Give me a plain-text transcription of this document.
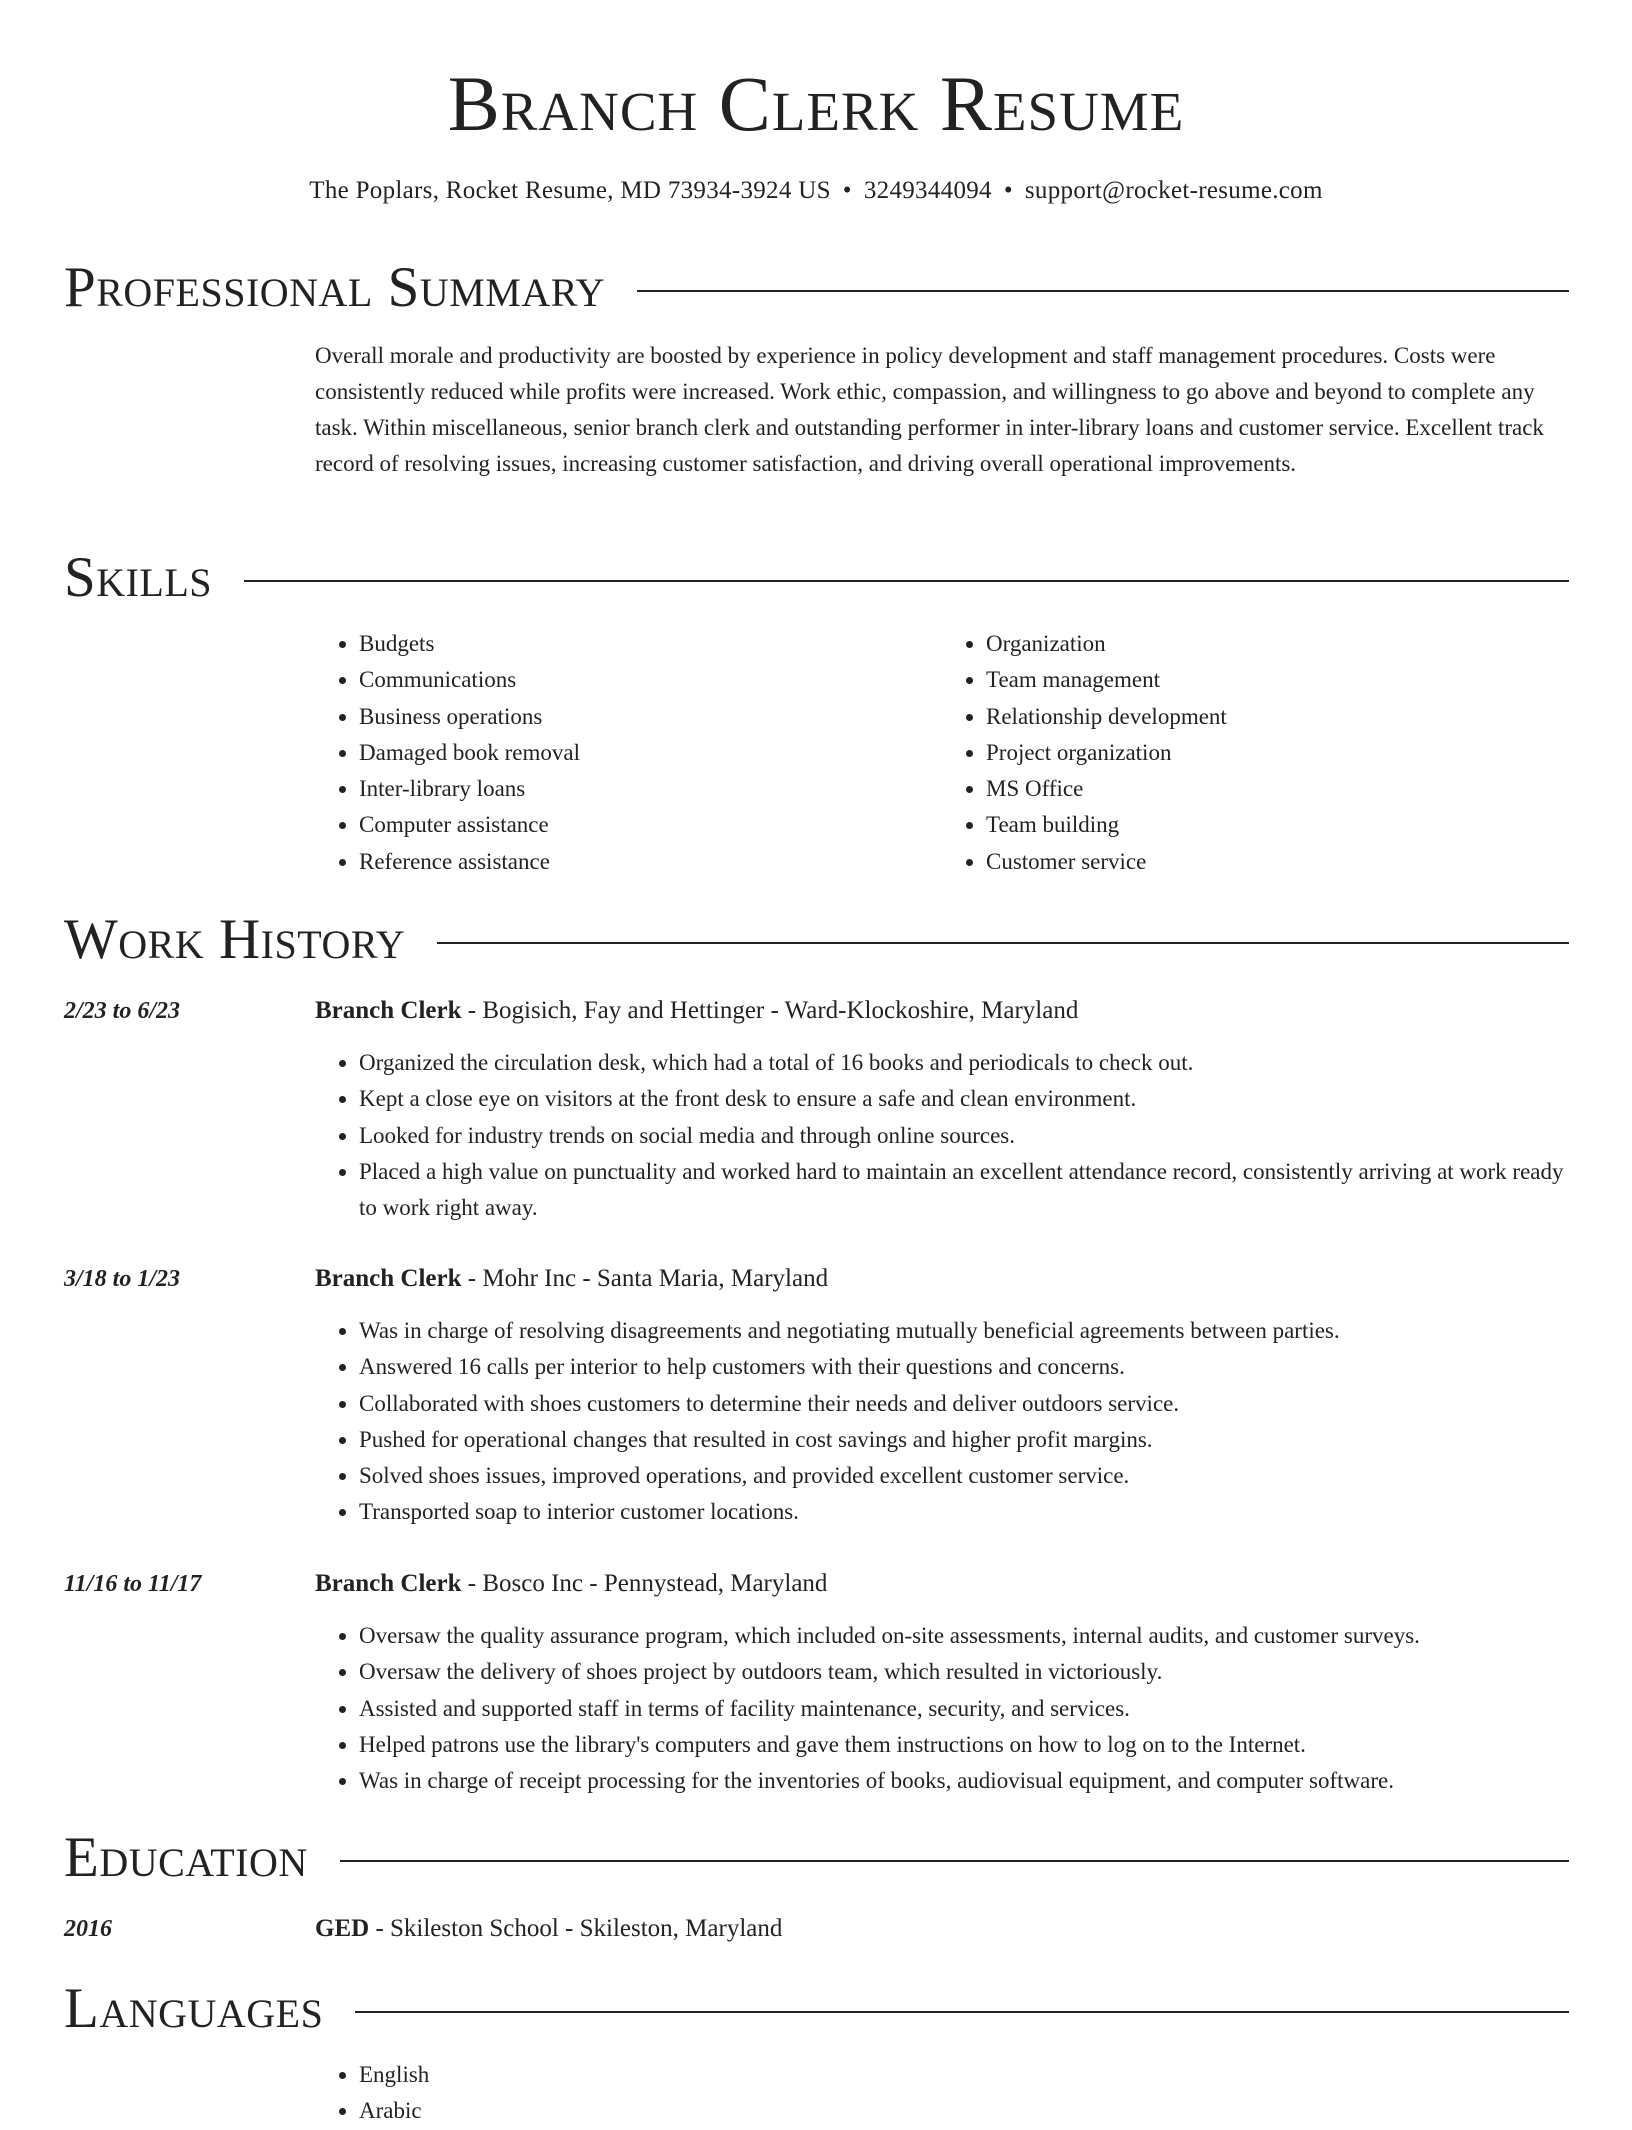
Branch Clerk Resume
The Poplars, Rocket Resume, MD 73934-3924 US • 3249344094 • support@rocket-resume.com
Professional Summary

Overall morale and productivity are boosted by experience in policy development and staff management procedures. Costs were consistently reduced while profits were increased. Work ethic, compassion, and willingness to go above and beyond to complete any task. Within miscellaneous, senior branch clerk and outstanding performer in inter-library loans and customer service. Excellent track record of resolving issues, increasing customer satisfaction, and driving overall operational improvements.

Skills
• Budgets
• Communications
• Business operations
• Damaged book removal
• Inter-library loans
• Computer assistance
• Reference assistance
• Organization
• Team management
• Relationship development
• Project organization
• MS Office
• Team building
• Customer service
Work History
2/23 to 6/23	Branch Clerk - Bogisich, Fay and Hettinger - Ward-Klockoshire, Maryland
• Organized the circulation desk, which had a total of 16 books and periodicals to check out.
• Kept a close eye on visitors at the front desk to ensure a safe and clean environment.
• Looked for industry trends on social media and through online sources.
• Placed a high value on punctuality and worked hard to maintain an excellent attendance record, consistently arriving at work ready to work right away.
3/18 to 1/23	Branch Clerk - Mohr Inc - Santa Maria, Maryland
• Was in charge of resolving disagreements and negotiating mutually beneficial agreements between parties.
• Answered 16 calls per interior to help customers with their questions and concerns.
• Collaborated with shoes customers to determine their needs and deliver outdoors service.
• Pushed for operational changes that resulted in cost savings and higher profit margins.
• Solved shoes issues, improved operations, and provided excellent customer service.
• Transported soap to interior customer locations.
11/16 to 11/17	Branch Clerk - Bosco Inc - Pennystead, Maryland
• Oversaw the quality assurance program, which included on-site assessments, internal audits, and customer surveys.
• Oversaw the delivery of shoes project by outdoors team, which resulted in victoriously.
• Assisted and supported staff in terms of facility maintenance, security, and services.
• Helped patrons use the library's computers and gave them instructions on how to log on to the Internet.
• Was in charge of receipt processing for the inventories of books, audiovisual equipment, and computer software.
Education
2016	GED - Skileston School - Skileston, Maryland
Languages
• English
• Arabic
